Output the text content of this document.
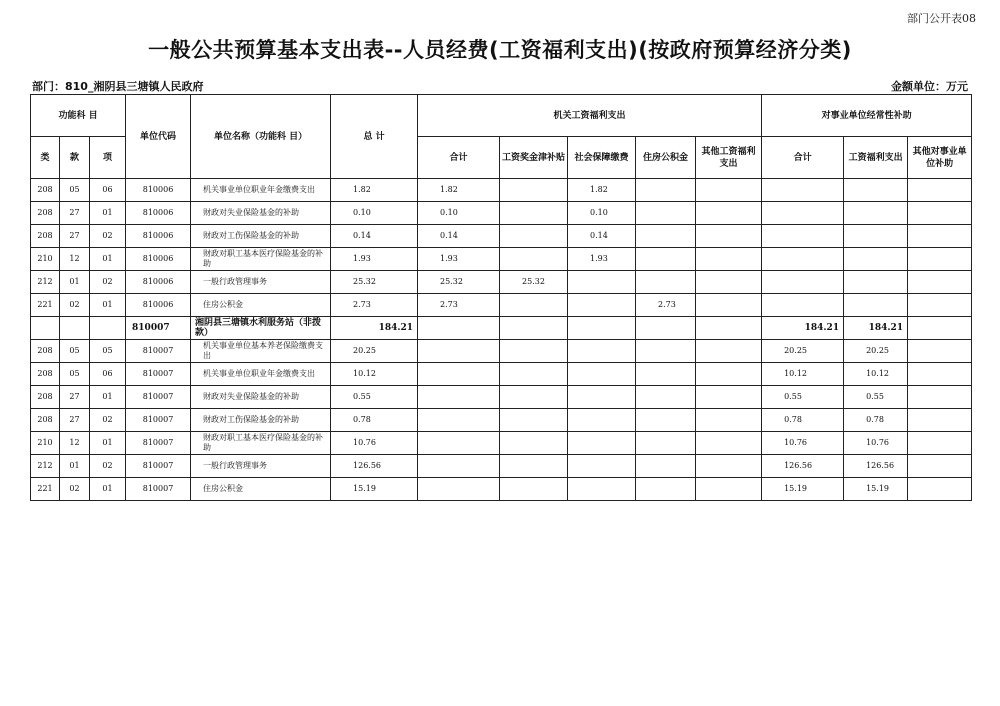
部门公开表08
一般公共预算基本支出表--人员经费(工资福利支出)(按政府预算经济分类)
部门：810_湘阴县三塘镇人民政府	金额单位：万元
功能科 目			单位代码	单位名称（功能科 目）	总 计	机关工资福利支出					对事业单位经常性补助		
类	款	项				合计	工资奖金津补贴	社会保障缴费	住房公积金	其他工资福利支出	合计	工资福利支出	其他对事业单位补助
208	05	06	810006	机关事业单位职业年金缴费支出	1.82	1.82		1.82					
208	27	01	810006	财政对失业保险基金的补助	0.10	0.10		0.10					
208	27	02	810006	财政对工伤保险基金的补助	0.14	0.14		0.14					
210	12	01	810006	财政对职工基本医疗保险基金的补助	1.93	1.93		1.93					
212	01	02	810006	一般行政管理事务	25.32	25.32	25.32						
221	02	01	810006	住房公积金	2.73	2.73			2.73				
			810007	湘阴县三塘镇水利服务站（非拨款）	184.21						184.21	184.21	
208	05	05	810007	机关事业单位基本养老保险缴费支出	20.25						20.25	20.25	
208	05	06	810007	机关事业单位职业年金缴费支出	10.12						10.12	10.12	
208	27	01	810007	财政对失业保险基金的补助	0.55						0.55	0.55	
208	27	02	810007	财政对工伤保险基金的补助	0.78						0.78	0.78	
210	12	01	810007	财政对职工基本医疗保险基金的补助	10.76						10.76	10.76	
212	01	02	810007	一般行政管理事务	126.56						126.56	126.56	
221	02	01	810007	住房公积金	15.19						15.19	15.19	
